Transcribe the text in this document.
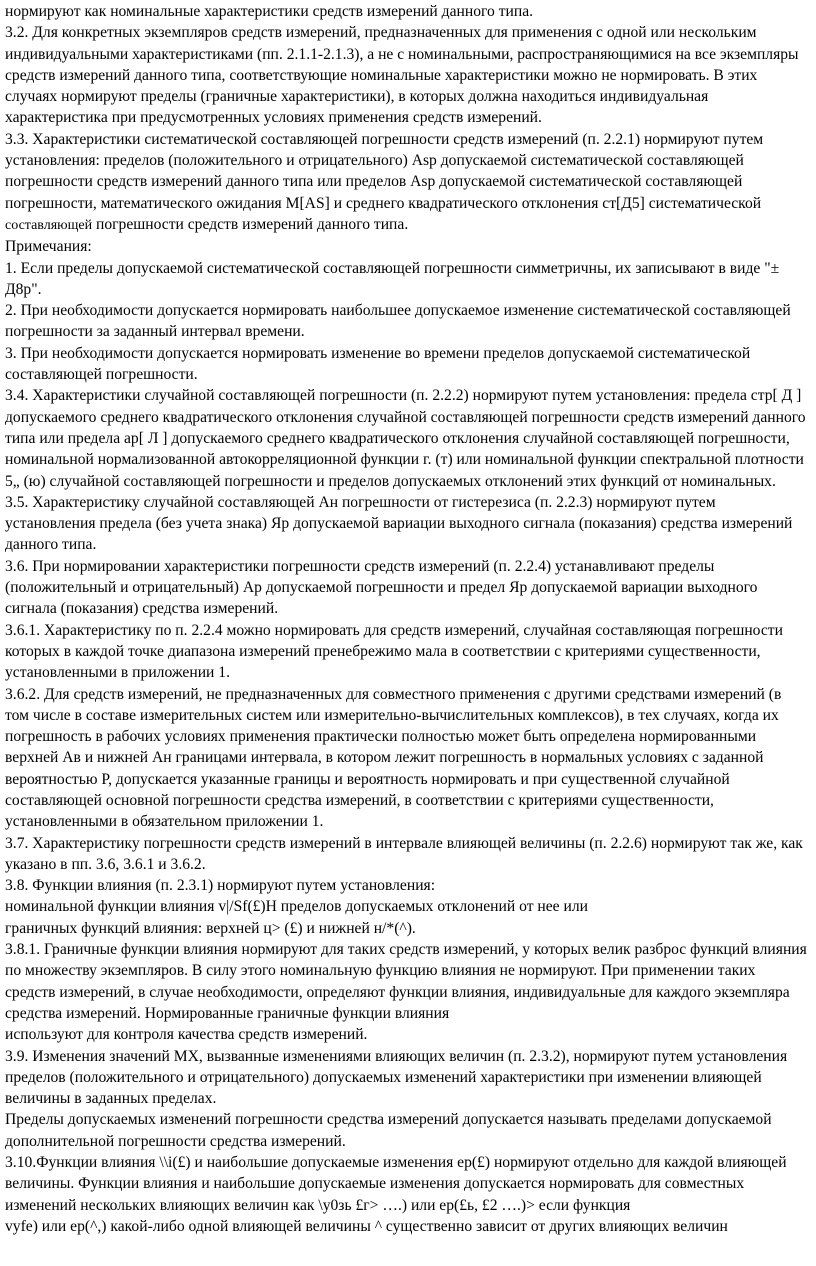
нормируют как номинальные характеристики средств измерений данного типа.

3.2. Для конкретных экземпляров средств измерений, предназначенных для применения с одной или нескольким индивидуальными характеристиками (пп. 2.1.1-2.1.3), а не с номинальными, распространяющимися на все экземпляры средств измерений данного типа, соответствующие номинальные характеристики можно не нормировать. В этих случаях нормируют пределы (граничные характеристики), в которых должна находиться индивидуальная характеристика при предусмотренных условиях применения средств измерений.

3.3. Характеристики систематической составляющей погрешности средств измерений (п. 2.2.1) нормируют путем установления: пределов (положительного и отрицательного) Asp допускаемой систематической составляющей погрешности средств измерений данного типа или пределов Asp допускаемой систематической составляющей погрешности, математического ожидания M[AS] и среднего квадратического отклонения ст[Д5] систематической составляющей погрешности средств измерений данного типа.

Примечания:

1. Если пределы допускаемой систематической составляющей погрешности симметричны, их записывают в виде "± Д8р".

2. При необходимости допускается нормировать наибольшее допускаемое изменение систематической составляющей погрешности за заданный интервал времени.

3. При необходимости допускается нормировать изменение во времени пределов допускаемой систематической составляющей погрешности.

3.4. Характеристики случайной составляющей погрешности (п. 2.2.2) нормируют путем установления: предела стр[ Д ] допускаемого среднего квадратического отклонения случайной составляющей погрешности средств измерений данного типа или предела ар[ Л ] допускаемого среднего квадратического отклонения случайной составляющей погрешности, номинальной нормализованной автокорреляционной функции г. (т) или номинальной функции спектральной плотности 5„ (ю) случайной составляющей погрешности и пределов допускаемых отклонений этих функций от номинальных.

3.5. Характеристику случайной составляющей Ан погрешности от гистерезиса (п. 2.2.3) нормируют путем установления предела (без учета знака) Яр допускаемой вариации выходного сигнала (показания) средства измерений данного типа.

3.6. При нормировании характеристики погрешности средств измерений (п. 2.2.4) устанавливают пределы (положительный и отрицательный) Ар допускаемой погрешности и предел Яр допускаемой вариации выходного сигнала (показания) средства измерений.

3.6.1. Характеристику по п. 2.2.4 можно нормировать для средств измерений, случайная составляющая погрешности которых в каждой точке диапазона измерений пренебрежимо мала в соответствии с критериями существенности, установленными в приложении 1.

3.6.2. Для средств измерений, не предназначенных для совместного применения с другими средствами измерений (в том числе в составе измерительных систем или измерительно-вычислительных комплексов), в тех случаях, когда их погрешность в рабочих условиях применения практически полностью может быть определена нормированными верхней Ав и нижней Ан границами интервала, в котором лежит погрешность в нормальных условиях с заданной вероятностью Р, допускается указанные границы и вероятность нормировать и при существенной случайной составляющей основной погрешности средства измерений, в соответствии с критериями существенности, установленными в обязательном приложении 1.

3.7. Характеристику погрешности средств измерений в интервале влияющей величины (п. 2.2.6) нормируют так же, как указано в пп. 3.6, 3.6.1 и 3.6.2.

3.8. Функции влияния (п. 2.3.1) нормируют путем установления:

номинальной функции влияния v|/Sf(£)H пределов допускаемых отклонений от нее или

граничных функций влияния: верхней ц> (£) и нижней н/*(^).

3.8.1. Граничные функции влияния нормируют для таких средств измерений, у которых велик разброс функций влияния по множеству экземпляров. В силу этого номинальную функцию влияния не нормируют. При применении таких средств измерений, в случае необходимости, определяют функции влияния, индивидуальные для каждого экземпляра средства измерений. Нормированные граничные функции влияния

используют для контроля качества средств измерений.

3.9. Изменения значений MX, вызванные изменениями влияющих величин (п. 2.3.2), нормируют путем установления пределов (положительного и отрицательного) допускаемых изменений характеристики при изменении влияющей величины в заданных пределах.

Пределы допускаемых изменений погрешности средства измерений допускается называть пределами допускаемой дополнительной погрешности средства измерений.

3.10.Функции влияния \\i(£) и наибольшие допускаемые изменения ер(£) нормируют отдельно для каждой влияющей величины. Функции влияния и наибольшие допускаемые изменения допускается нормировать для совместных изменений нескольких влияющих величин как \у0зь £г> ….) или ер(£ь, £2 ….)> если функция

vyfe) или ер(^,) какой-либо одной влияющей величины ^ существенно зависит от других влияющих величин
